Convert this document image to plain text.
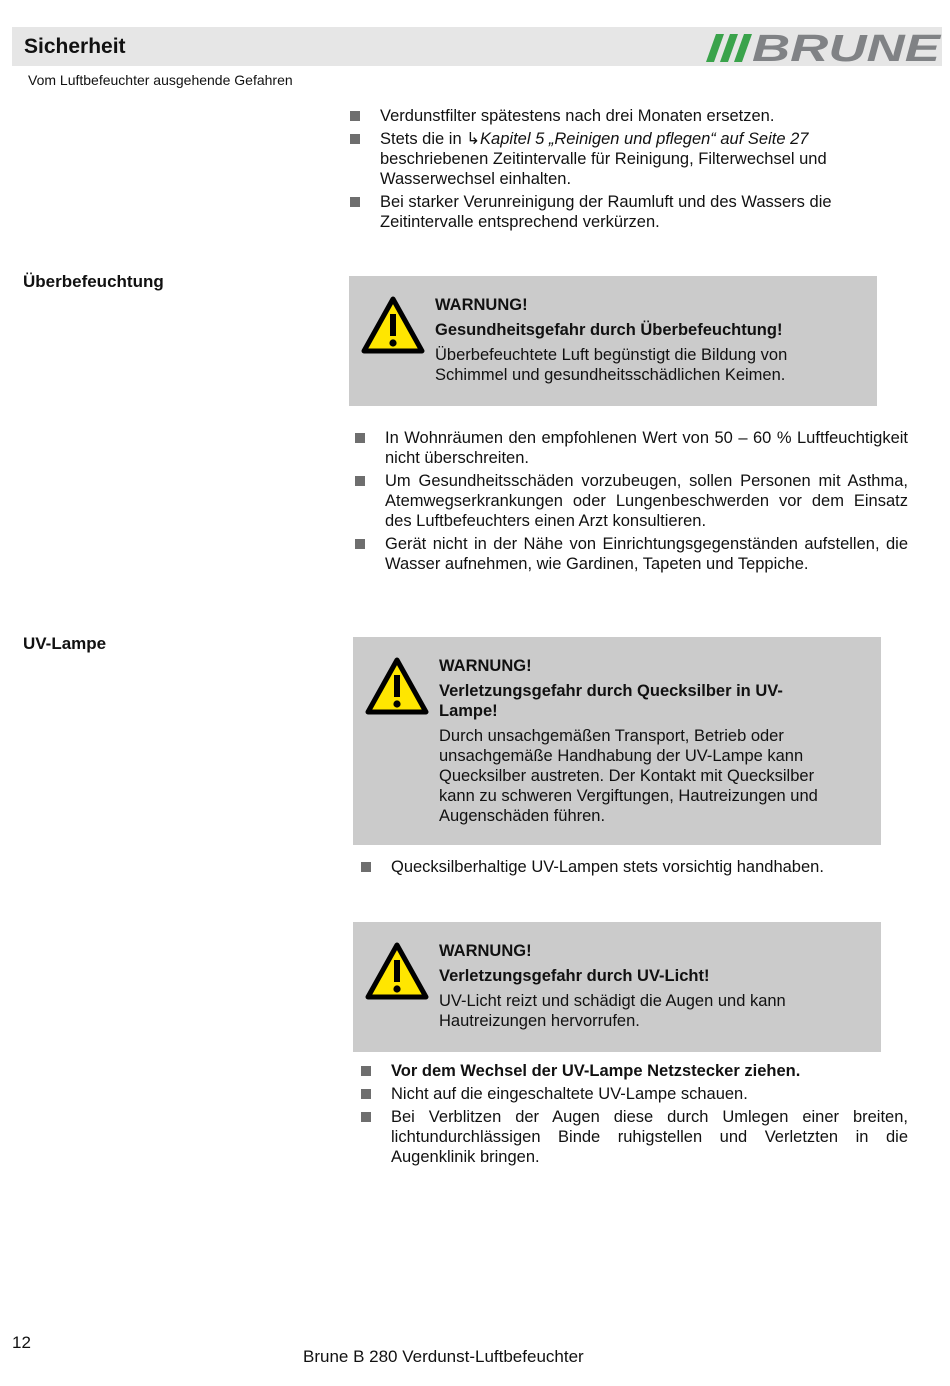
Sicherheit
Vom Luftbefeuchter ausgehende Gefahren
BRUNE
Verdunstfilter spätestens nach drei Monaten ersetzen.
Stets die in ↳Kapitel 5 „Reinigen und pflegen“ auf Seite 27
beschriebenen Zeitintervalle für Reinigung, Filterwechsel und Wasserwechsel einhalten.
Bei starker Verunreinigung der Raumluft und des Wassers die Zeitintervalle entsprechend verkürzen.
Überbefeuchtung
WARNUNG!
Gesundheitsgefahr durch Überbefeuchtung!
Überbefeuchtete Luft begünstigt die Bildung von Schimmel und gesundheitsschädlichen Keimen.
In Wohnräumen den empfohlenen Wert von 50 – 60 % Luftfeuchtigkeit nicht überschreiten.
Um Gesundheitsschäden vorzubeugen, sollen Personen mit Asthma, Atemwegserkrankungen oder Lungenbeschwerden vor dem Einsatz des Luftbefeuchters einen Arzt konsultieren.
Gerät nicht in der Nähe von Einrichtungsgegenständen aufstellen, die Wasser aufnehmen, wie Gardinen, Tapeten und Teppiche.
UV-Lampe
WARNUNG!
Verletzungsgefahr durch Quecksilber in UV-Lampe!
Durch unsachgemäßen Transport, Betrieb oder unsachgemäße Handhabung der UV-Lampe kann Quecksilber austreten. Der Kontakt mit Quecksilber kann zu schweren Vergiftungen, Hautreizungen und Augenschäden führen.
Quecksilberhaltige UV-Lampen stets vorsichtig handhaben.
WARNUNG!
Verletzungsgefahr durch UV-Licht!
UV-Licht reizt und schädigt die Augen und kann Hautreizungen hervorrufen.
Vor dem Wechsel der UV-Lampe Netzstecker ziehen.
Nicht auf die eingeschaltete UV-Lampe schauen.
Bei Verblitzen der Augen diese durch Umlegen einer breiten, lichtundurchlässigen Binde ruhigstellen und Verletzten in die Augenklinik bringen.
12
Brune B 280 Verdunst-Luftbefeuchter
